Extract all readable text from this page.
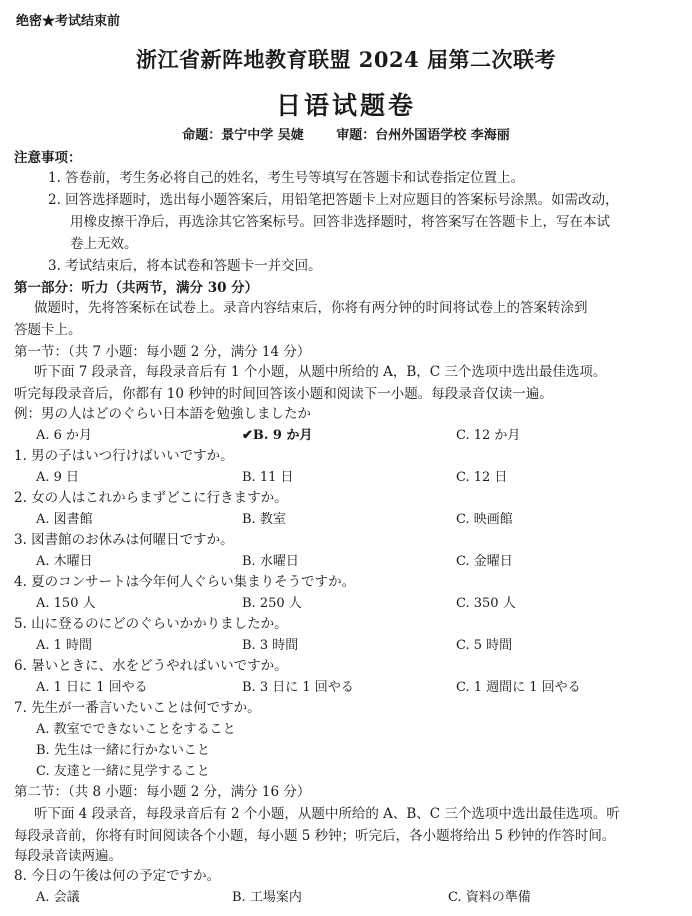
绝密★考试结束前
浙江省新阵地教育联盟 2024 届第二次联考
日语试题卷
命题：景宁中学 吴婕	审题：台州外国语学校 李海丽
注意事项：
1. 答卷前，考生务必将自己的姓名，考生号等填写在答题卡和试卷指定位置上。
2. 回答选择题时，选出每小题答案后，用铅笔把答题卡上对应题目的答案标号涂黑。如需改动，
用橡皮擦干净后，再选涂其它答案标号。回答非选择题时，将答案写在答题卡上，写在本试
卷上无效。
3. 考试结束后，将本试卷和答题卡一并交回。
第一部分：听力（共两节，满分 30 分）
做题时，先将答案标在试卷上。录音内容结束后，你将有两分钟的时间将试卷上的答案转涂到
答题卡上。
第一节：（共 7 小题：每小题 2 分，满分 14 分）
听下面 7 段录音，每段录音后有 1 个小题，从题中所给的 A，B，C 三个选项中选出最佳选项。
听完每段录音后，你都有 10 秒钟的时间回答该小题和阅读下一小题。每段录音仅读一遍。
例：男の人はどのぐらい日本語を勉強しましたか
A. 6 か月	✔B. 9 か月	C. 12 か月
1. 男の子はいつ行けばいいですか。
A. 9 日	B. 11 日	C. 12 日
2. 女の人はこれからまずどこに行きますか。
A. 図書館	B. 教室	C. 映画館
3. 図書館のお休みは何曜日ですか。
A. 木曜日	B. 水曜日	C. 金曜日
4. 夏のコンサートは今年何人ぐらい集まりそうですか。
A. 150 人	B. 250 人	C. 350 人
5. 山に登るのにどのぐらいかかりましたか。
A. 1 時間	B. 3 時間	C. 5 時間
6. 暑いときに、水をどうやればいいですか。
A. 1 日に 1 回やる	B. 3 日に 1 回やる	C. 1 週間に 1 回やる
7. 先生が一番言いたいことは何ですか。
A. 教室でできないことをすること
B. 先生は一緒に行かないこと
C. 友達と一緒に見学すること
第二节：（共 8 小题：每小题 2 分，满分 16 分）
听下面 4 段录音，每段录音后有 2 个小题，从题中所给的 A、B、C 三个选项中选出最佳选项。听
每段录音前，你将有时间阅读各个小题，每小题 5 秒钟；听完后，各小题将给出 5 秒钟的作答时间。
每段录音读两遍。
8. 今日の午後は何の予定ですか。
A. 会議	B. 工場案内	C. 資料の準備
